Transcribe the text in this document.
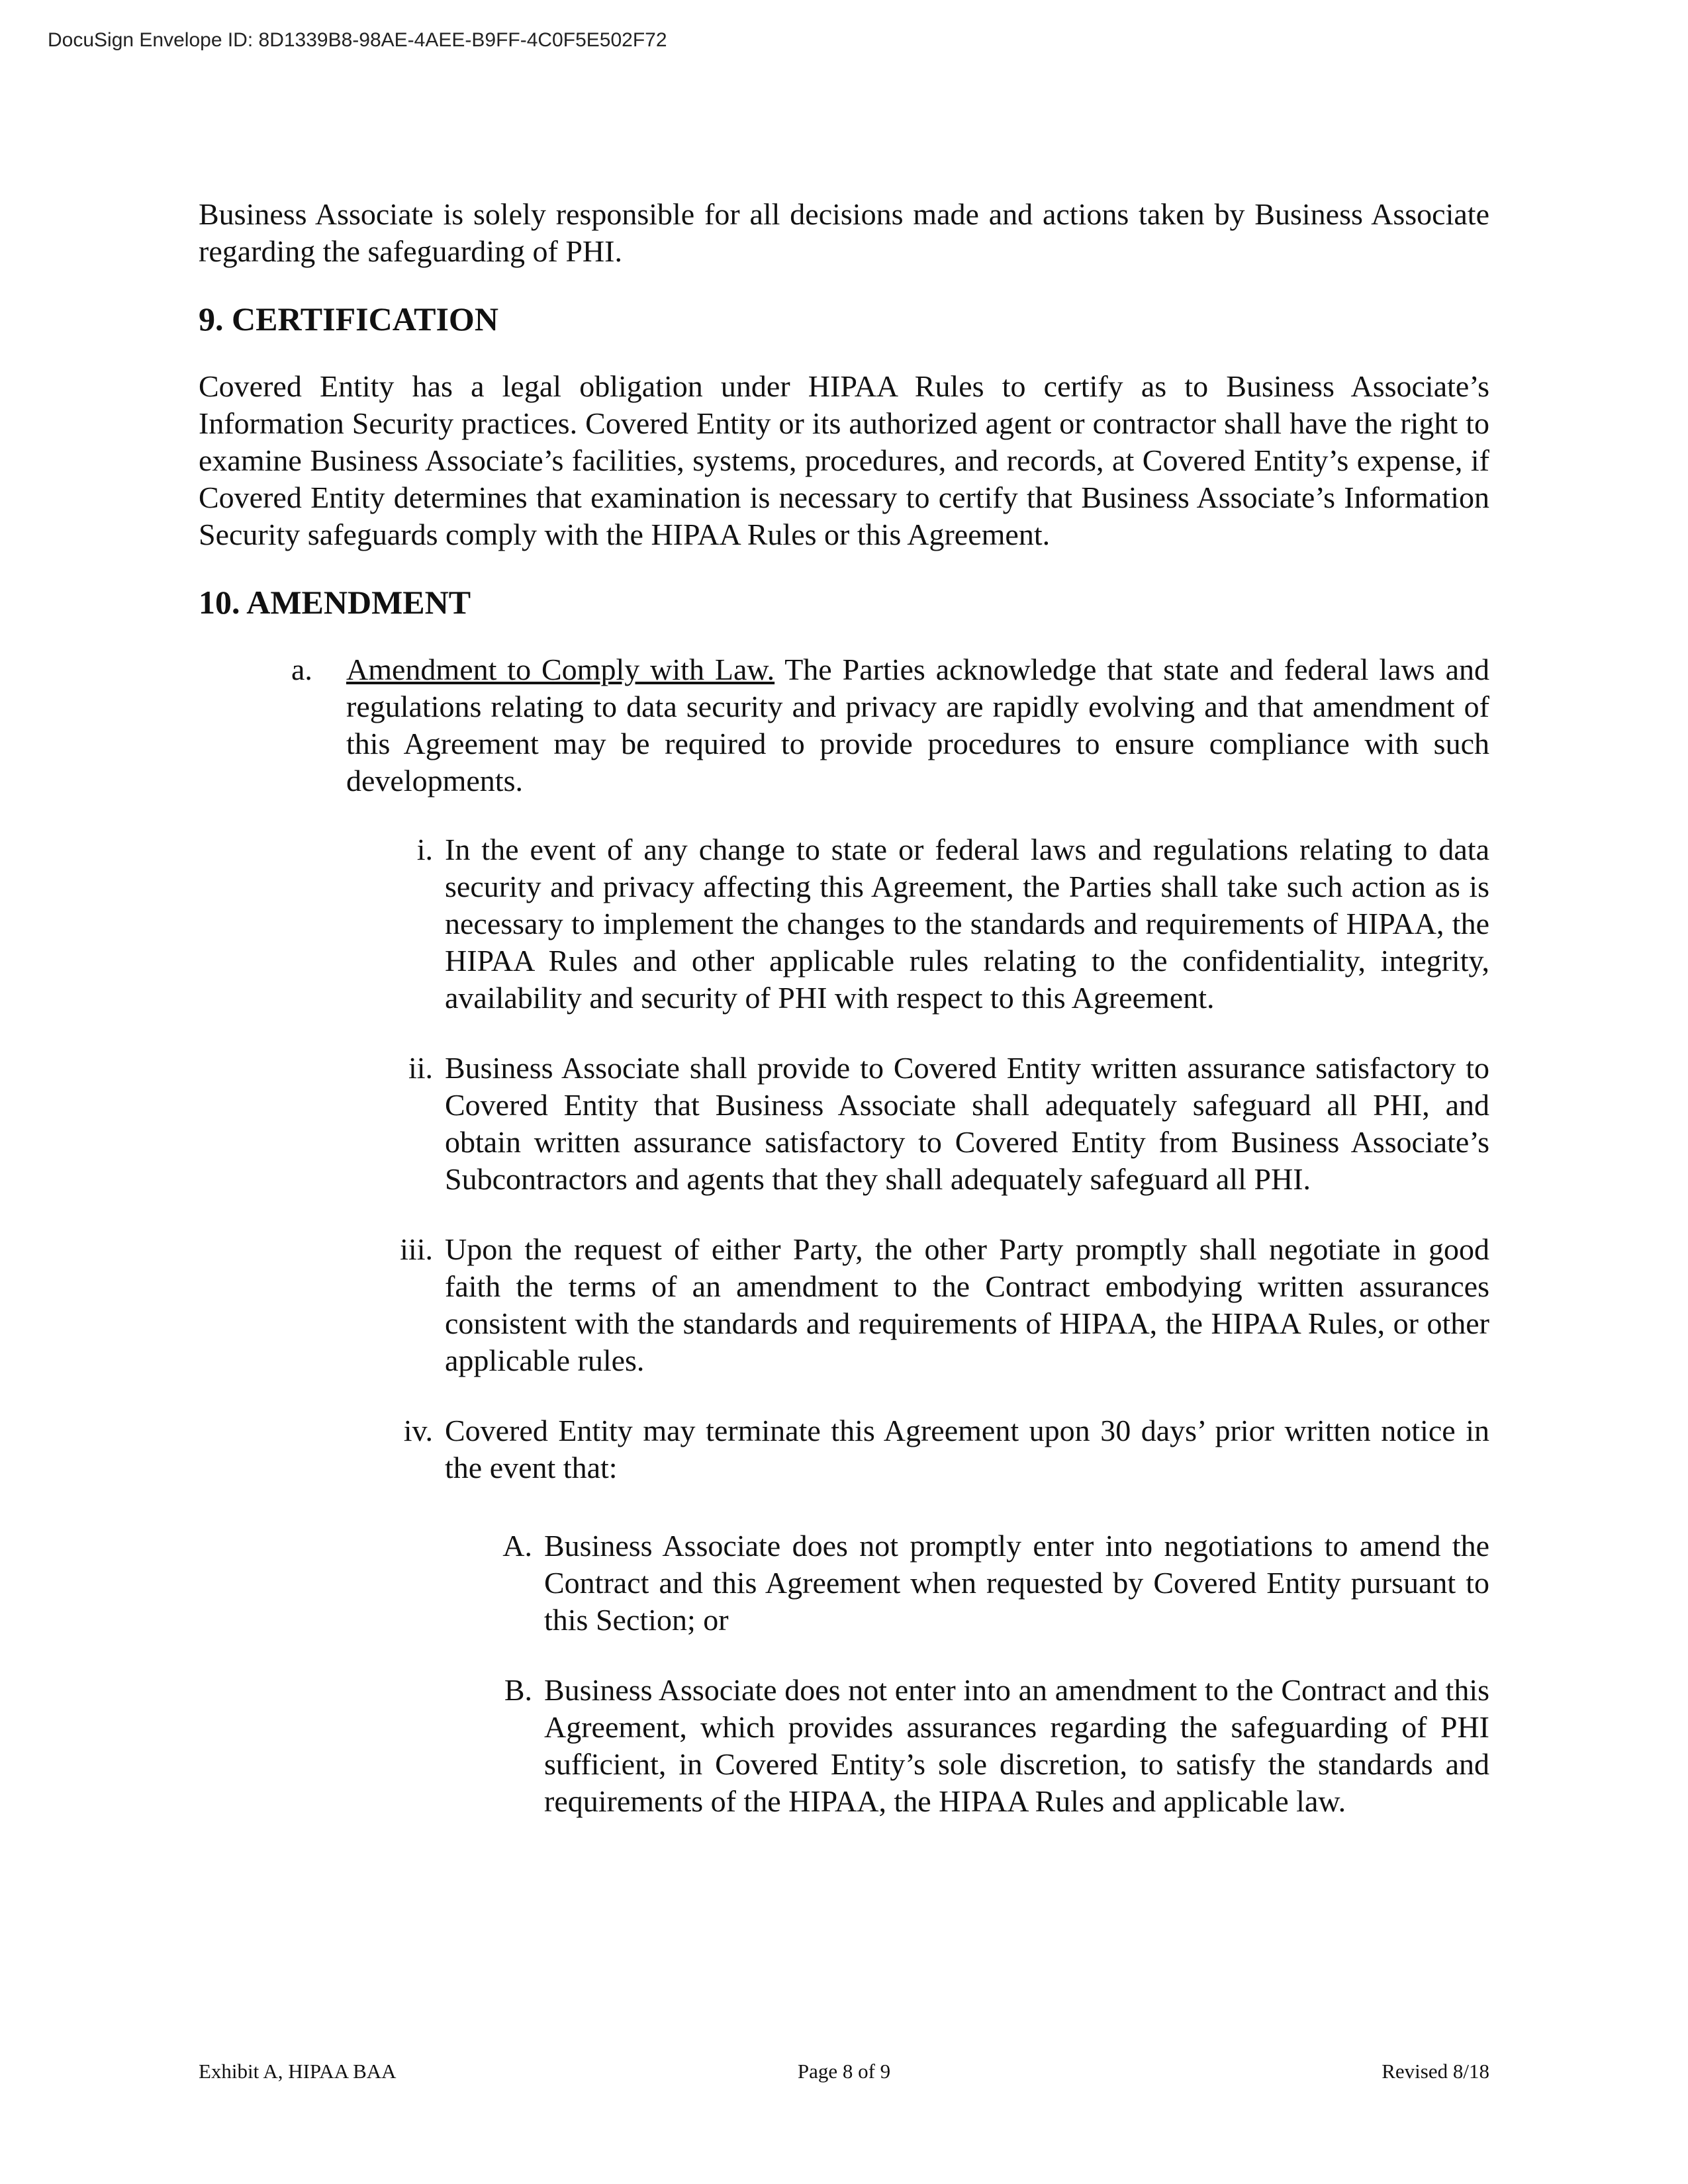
DocuSign Envelope ID: 8D1339B8-98AE-4AEE-B9FF-4C0F5E502F72

Business Associate is solely responsible for all decisions made and actions taken by Business Associate regarding the safeguarding of PHI.

9. CERTIFICATION

Covered Entity has a legal obligation under HIPAA Rules to certify as to Business Associate’s Information Security practices. Covered Entity or its authorized agent or contractor shall have the right to examine Business Associate’s facilities, systems, procedures, and records, at Covered Entity’s expense, if Covered Entity determines that examination is necessary to certify that Business Associate’s Information Security safeguards comply with the HIPAA Rules or this Agreement.

10. AMENDMENT
a.	Amendment to Comply with Law. The Parties acknowledge that state and federal laws and regulations relating to data security and privacy are rapidly evolving and that amendment of this Agreement may be required to provide procedures to ensure compliance with such developments.

i. In the event of any change to state or federal laws and regulations relating to data security and privacy affecting this Agreement, the Parties shall take such action as is necessary to implement the changes to the standards and requirements of HIPAA, the HIPAA Rules and other applicable rules relating to the confidentiality, integrity, availability and security of PHI with respect to this Agreement.

ii. Business Associate shall provide to Covered Entity written assurance satisfactory to Covered Entity that Business Associate shall adequately safeguard all PHI, and obtain written assurance satisfactory to Covered Entity from Business Associate’s Subcontractors and agents that they shall adequately safeguard all PHI.

iii. Upon the request of either Party, the other Party promptly shall negotiate in good faith the terms of an amendment to the Contract embodying written assurances consistent with the standards and requirements of HIPAA, the HIPAA Rules, or other applicable rules.

iv. Covered Entity may terminate this Agreement upon 30 days’ prior written notice in the event that:

A. Business Associate does not promptly enter into negotiations to amend the Contract and this Agreement when requested by Covered Entity pursuant to this Section; or

B. Business Associate does not enter into an amendment to the Contract and this Agreement, which provides assurances regarding the safeguarding of PHI sufficient, in Covered Entity’s sole discretion, to satisfy the standards and requirements of the HIPAA, the HIPAA Rules and applicable law.

Exhibit A, HIPAA BAA	Page 8 of 9	Revised 8/18
